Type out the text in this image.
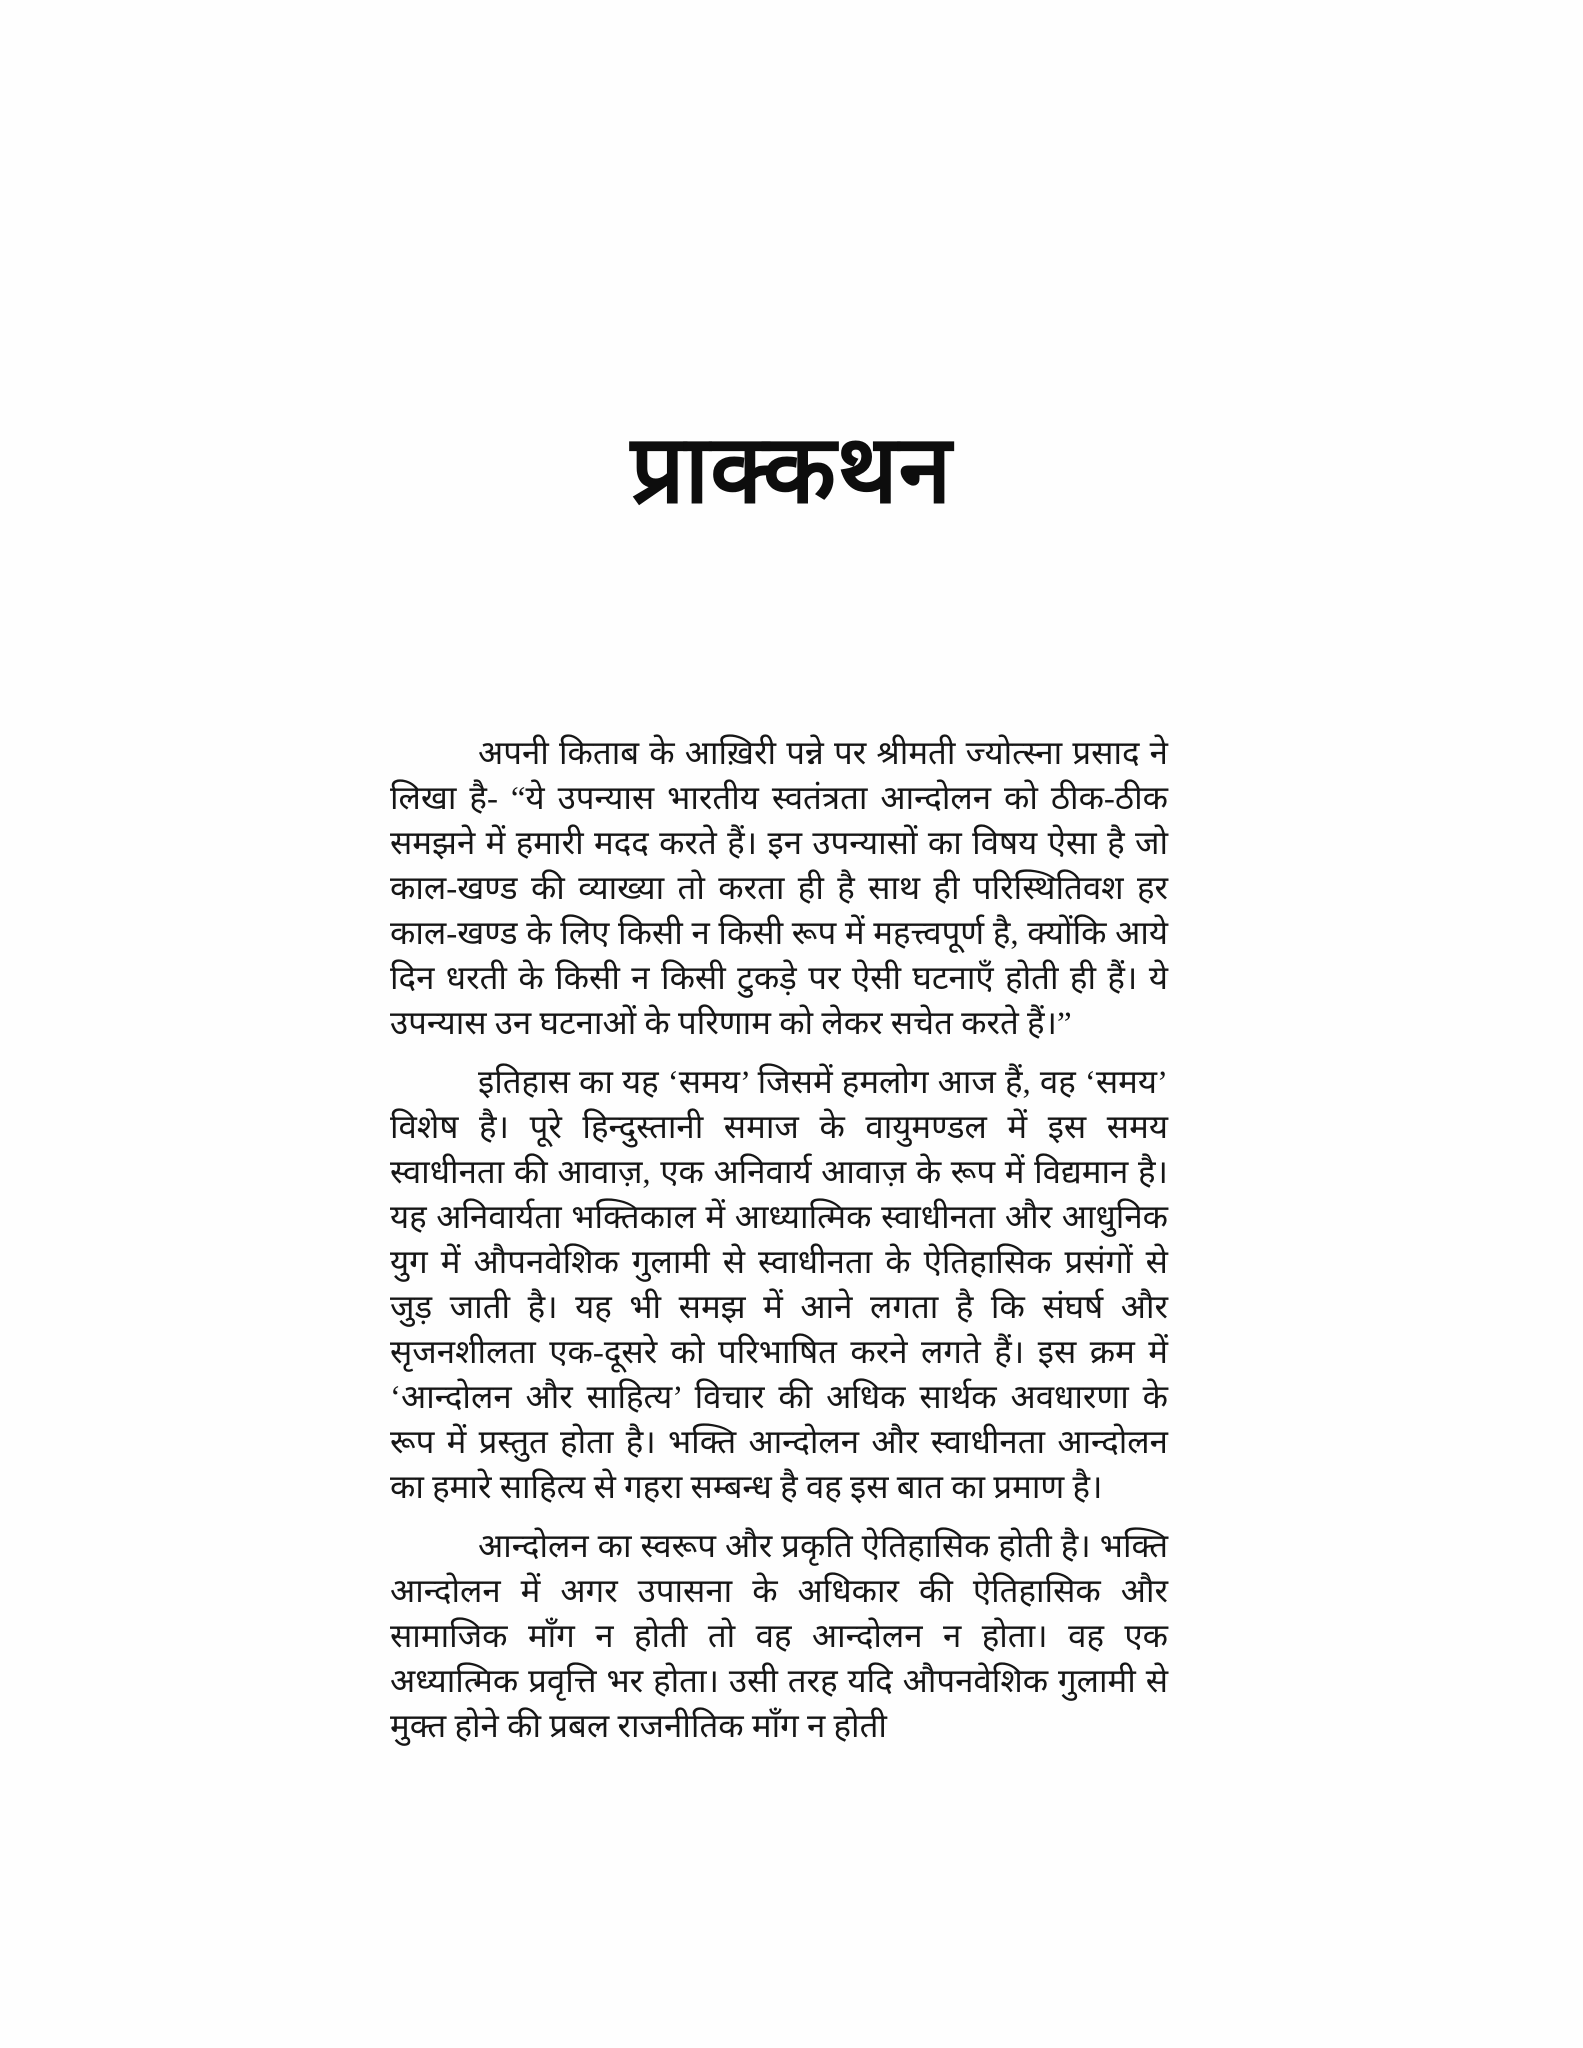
प्राक्कथन

अपनी किताब के आख़िरी पन्ने पर श्रीमती ज्योत्स्ना प्रसाद ने लिखा है- “ये उपन्यास भारतीय स्वतंत्रता आन्दोलन को ठीक-ठीक समझने में हमारी मदद करते हैं। इन उपन्यासों का विषय ऐसा है जो काल-खण्ड की व्याख्या तो करता ही है साथ ही परिस्थितिवश हर काल-खण्ड के लिए किसी न किसी रूप में महत्त्वपूर्ण है, क्योंकि आये दिन धरती के किसी न किसी टुकड़े पर ऐसी घटनाएँ होती ही हैं। ये उपन्यास उन घटनाओं के परिणाम को लेकर सचेत करते हैं।”

इतिहास का यह ‘समय’ जिसमें हमलोग आज हैं, वह ‘समय’ विशेष है। पूरे हिन्दुस्तानी समाज के वायुमण्डल में इस समय स्वाधीनता की आवाज़, एक अनिवार्य आवाज़ के रूप में विद्यमान है। यह अनिवार्यता भक्तिकाल में आध्यात्मिक स्वाधीनता और आधुनिक युग में औपनवेशिक गुलामी से स्वाधीनता के ऐतिहासिक प्रसंगों से जुड़ जाती है। यह भी समझ में आने लगता है कि संघर्ष और सृजनशीलता एक-दूसरे को परिभाषित करने लगते हैं। इस क्रम में ‘आन्दोलन और साहित्य’ विचार की अधिक सार्थक अवधारणा के रूप में प्रस्तुत होता है। भक्ति आन्दोलन और स्वाधीनता आन्दोलन का हमारे साहित्य से गहरा सम्बन्ध है वह इस बात का प्रमाण है।

आन्दोलन का स्वरूप और प्रकृति ऐतिहासिक होती है। भक्ति आन्दोलन में अगर उपासना के अधिकार की ऐतिहासिक और सामाजिक माँग न होती तो वह आन्दोलन न होता। वह एक अध्यात्मिक प्रवृत्ति भर होता। उसी तरह यदि औपनवेशिक गुलामी से मुक्त होने की प्रबल राजनीतिक माँग न होती
